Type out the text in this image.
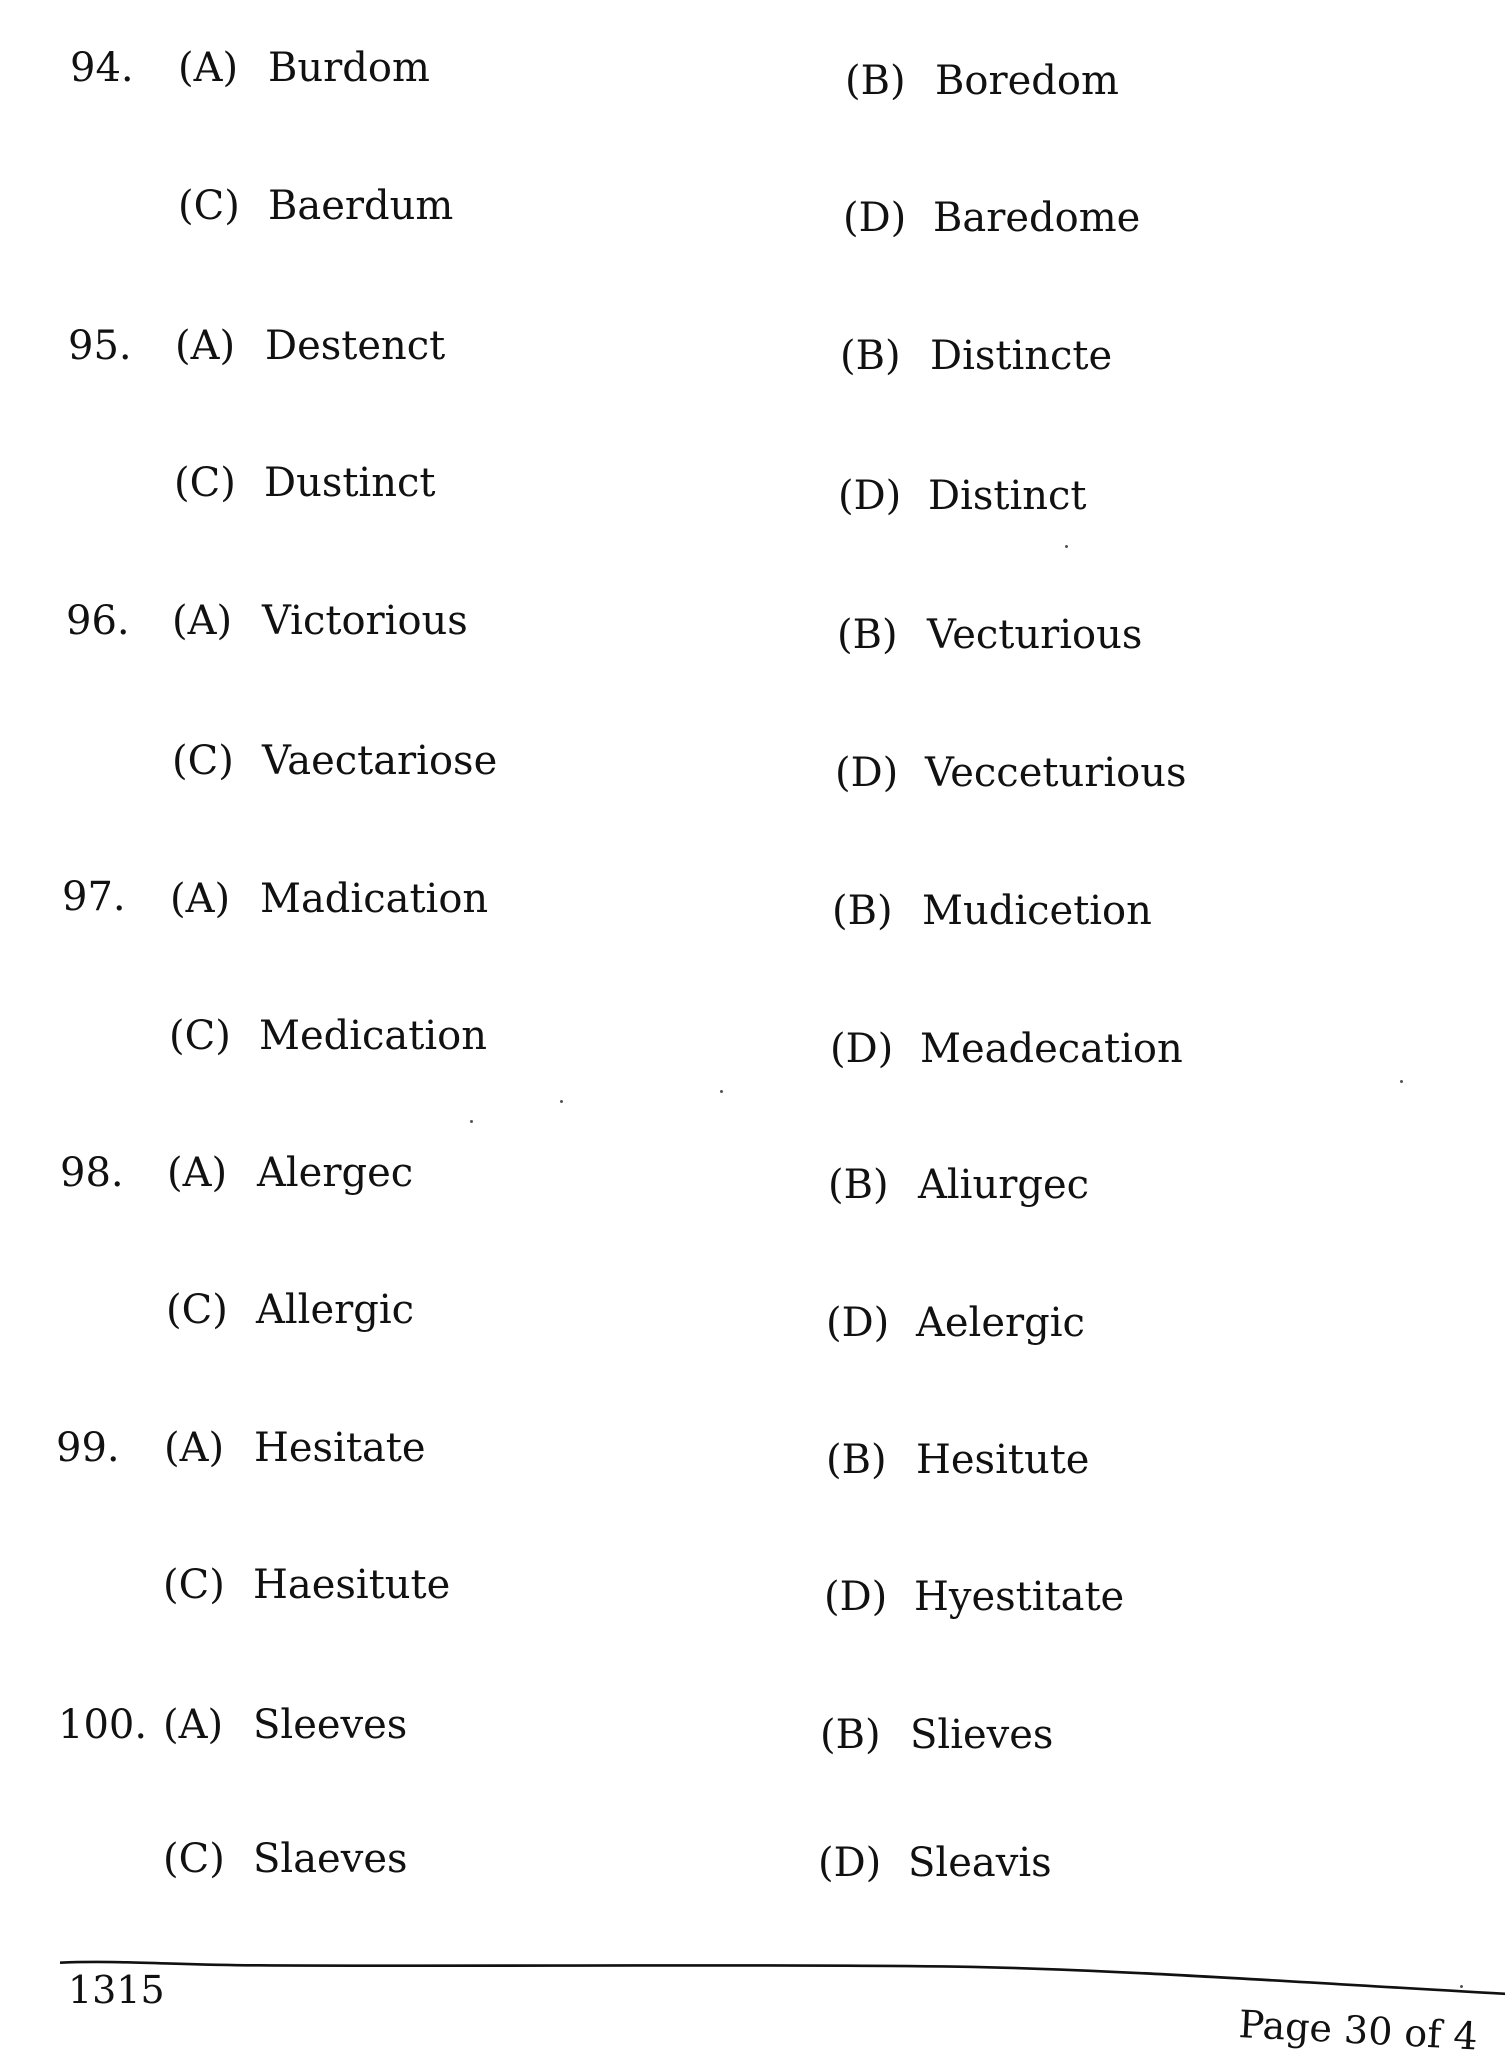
94. (A) Burdom	(B) Boredom
(C) Baerdum	(D) Baredome
95. (A) Destenct	(B) Distincte
(C) Dustinct	(D) Distinct
96. (A) Victorious	(B) Vecturious
(C) Vaectariose	(D) Vecceturious
97. (A) Madication	(B) Mudicetion
(C) Medication	(D) Meadecation
98. (A) Alergec	(B) Aliurgec
(C) Allergic	(D) Aelergic
99. (A) Hesitate	(B) Hesitute
(C) Haesitute	(D) Hyestitate
100. (A) Sleeves	(B) Slieves
(C) Slaeves	(D) Sleavis
1315
Page 30 of 4
